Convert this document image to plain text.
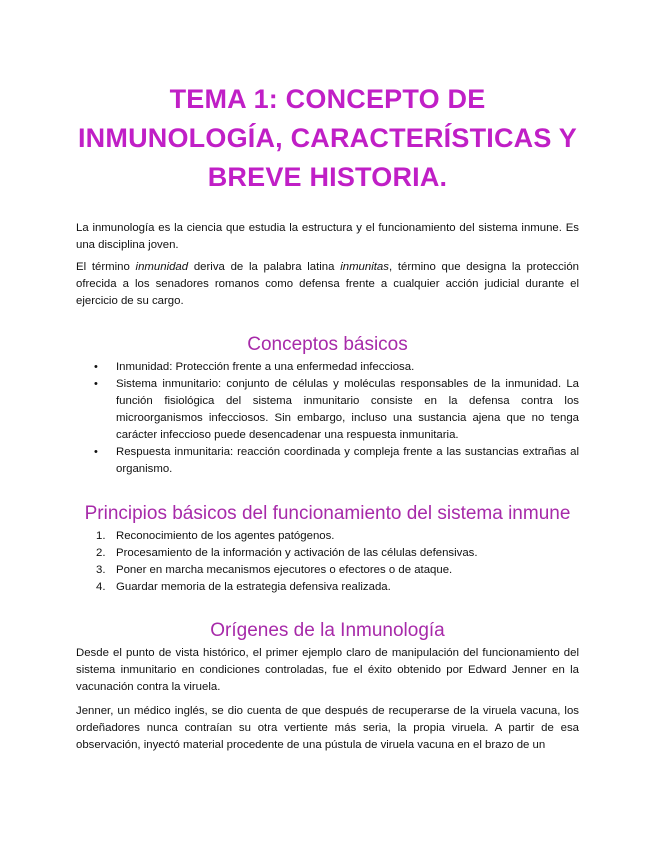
TEMA 1: CONCEPTO DE
INMUNOLOGÍA, CARACTERÍSTICAS Y
BREVE HISTORIA.

La inmunología es la ciencia que estudia la estructura y el funcionamiento del sistema inmune. Es una disciplina joven.

El término inmunidad deriva de la palabra latina inmunitas, término que designa la protección ofrecida a los senadores romanos como defensa frente a cualquier acción judicial durante el ejercicio de su cargo.

Conceptos básicos
• Inmunidad: Protección frente a una enfermedad infecciosa.
• Sistema inmunitario: conjunto de células y moléculas responsables de la inmunidad. La función fisiológica del sistema inmunitario consiste en la defensa contra los microorganismos infecciosos. Sin embargo, incluso una sustancia ajena que no tenga carácter infeccioso puede desencadenar una respuesta inmunitaria.
• Respuesta inmunitaria: reacción coordinada y compleja frente a las sustancias extrañas al organismo.
Principios básicos del funcionamiento del sistema inmune
1. Reconocimiento de los agentes patógenos.
2. Procesamiento de la información y activación de las células defensivas.
3. Poner en marcha mecanismos ejecutores o efectores o de ataque.
4. Guardar memoria de la estrategia defensiva realizada.
Orígenes de la Inmunología

Desde el punto de vista histórico, el primer ejemplo claro de manipulación del funcionamiento del sistema inmunitario en condiciones controladas, fue el éxito obtenido por Edward Jenner en la vacunación contra la viruela.

Jenner, un médico inglés, se dio cuenta de que después de recuperarse de la viruela vacuna, los ordeñadores nunca contraían su otra vertiente más seria, la propia viruela. A partir de esa observación, inyectó material procedente de una pústula de viruela vacuna en el brazo de un
